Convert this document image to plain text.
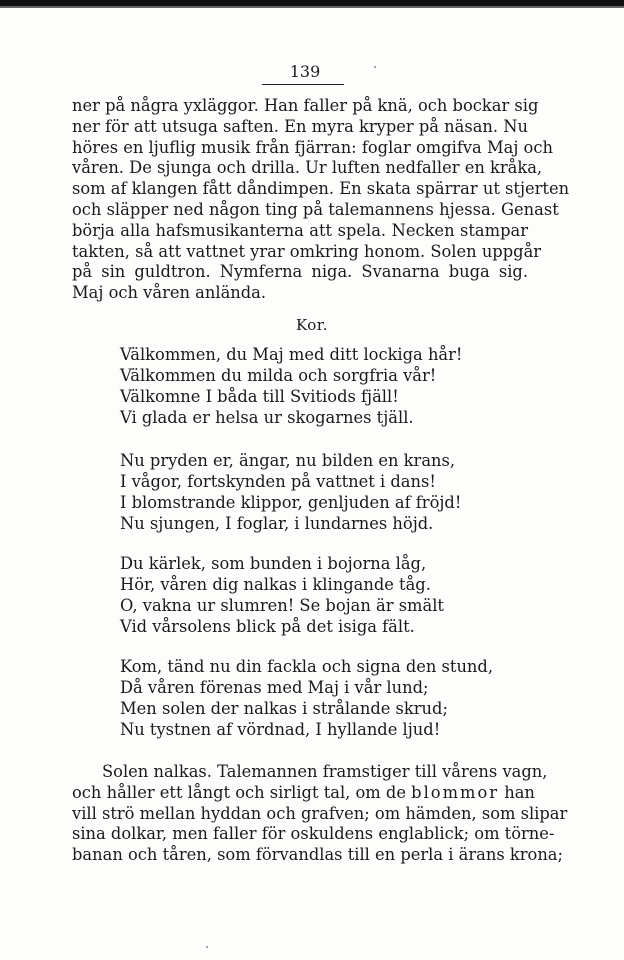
139
ner på några yxläggor. Han faller på knä, och bockar sig
ner för att utsuga saften. En myra kryper på näsan. Nu
höres en ljuflig musik från fjärran: foglar omgifva Maj och
våren. De sjunga och drilla. Ur luften nedfaller en kråka,
som af klangen fått dåndimpen. En skata spärrar ut stjerten
och släpper ned någon ting på talemannens hjessa. Genast
börja alla hafsmusikanterna att spela. Necken stampar
takten, så att vattnet yrar omkring honom. Solen uppgår
på sin guldtron. Nymferna niga. Svanarna buga sig.
Maj och våren anlända.
Kor.
Välkommen, du Maj med ditt lockiga hår!
Välkommen du milda och sorgfria vår!
Välkomne I båda till Svitiods fjäll!
Vi glada er helsa ur skogarnes tjäll.
Nu pryden er, ängar, nu bilden en krans,
I vågor, fortskynden på vattnet i dans!
I blomstrande klippor, genljuden af fröjd!
Nu sjungen, I foglar, i lundarnes höjd.
Du kärlek, som bunden i bojorna låg,
Hör, våren dig nalkas i klingande tåg.
O, vakna ur slumren! Se bojan är smält
Vid vårsolens blick på det isiga fält.
Kom, tänd nu din fackla och signa den stund,
Då våren förenas med Maj i vår lund;
Men solen der nalkas i strålande skrud;
Nu tystnen af vördnad, I hyllande ljud!
Solen nalkas. Talemannen framstiger till vårens vagn,
och håller ett långt och sirligt tal, om de blommor han
vill strö mellan hyddan och grafven; om hämden, som slipar
sina dolkar, men faller för oskuldens englablick; om törne-
banan och tåren, som förvandlas till en perla i ärans krona;
